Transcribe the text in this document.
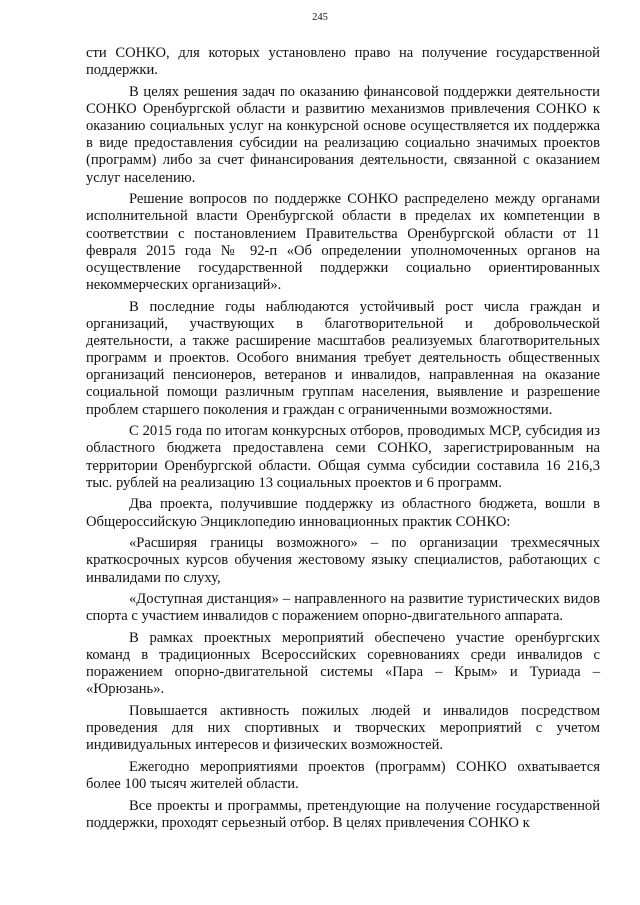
245

сти СОНКО, для которых установлено право на получение государственной поддержки.

В целях решения задач по оказанию финансовой поддержки деятельности СОНКО Оренбургской области и развитию механизмов привлечения СОНКО к оказанию социальных услуг на конкурсной основе осуществляется их поддержка в виде предоставления субсидии на реализацию социально значимых проектов (программ) либо за счет финансирования деятельности, связанной с оказанием услуг населению.

Решение вопросов по поддержке СОНКО распределено между органами исполнительной власти Оренбургской области в пределах их компетенции в соответствии с постановлением Правительства Оренбургской области от 11 февраля 2015 года № 92-п «Об определении уполномоченных органов на осуществление государственной поддержки социально ориентированных некоммерческих организаций».

В последние годы наблюдаются устойчивый рост числа граждан и организаций, участвующих в благотворительной и добровольческой деятельности, а также расширение масштабов реализуемых благотворительных программ и проектов. Особого внимания требует деятельность общественных организаций пенсионеров, ветеранов и инвалидов, направленная на оказание социальной помощи различным группам населения, выявление и разрешение проблем старшего поколения и граждан с ограниченными возможностями.

С 2015 года по итогам конкурсных отборов, проводимых МСР, субсидия из областного бюджета предоставлена семи СОНКО, зарегистрированным на территории Оренбургской области. Общая сумма субсидии составила 16 216,3 тыс. рублей на реализацию 13 социальных проектов и 6 программ.

Два проекта, получившие поддержку из областного бюджета, вошли в Общероссийскую Энциклопедию инновационных практик СОНКО:

«Расширяя границы возможного» – по организации трехмесячных краткосрочных курсов обучения жестовому языку специалистов, работающих с инвалидами по слуху,

«Доступная дистанция» – направленного на развитие туристических видов спорта с участием инвалидов с поражением опорно-двигательного аппарата.

В рамках проектных мероприятий обеспечено участие оренбургских команд в традиционных Всероссийских соревнованиях среди инвалидов с поражением опорно-двигательной системы «Пара – Крым» и Туриада – «Юрюзань».

Повышается активность пожилых людей и инвалидов посредством проведения для них спортивных и творческих мероприятий с учетом индивидуальных интересов и физических возможностей.

Ежегодно мероприятиями проектов (программ) СОНКО охватывается более 100 тысяч жителей области.

Все проекты и программы, претендующие на получение государственной поддержки, проходят серьезный отбор. В целях привлечения СОНКО к
